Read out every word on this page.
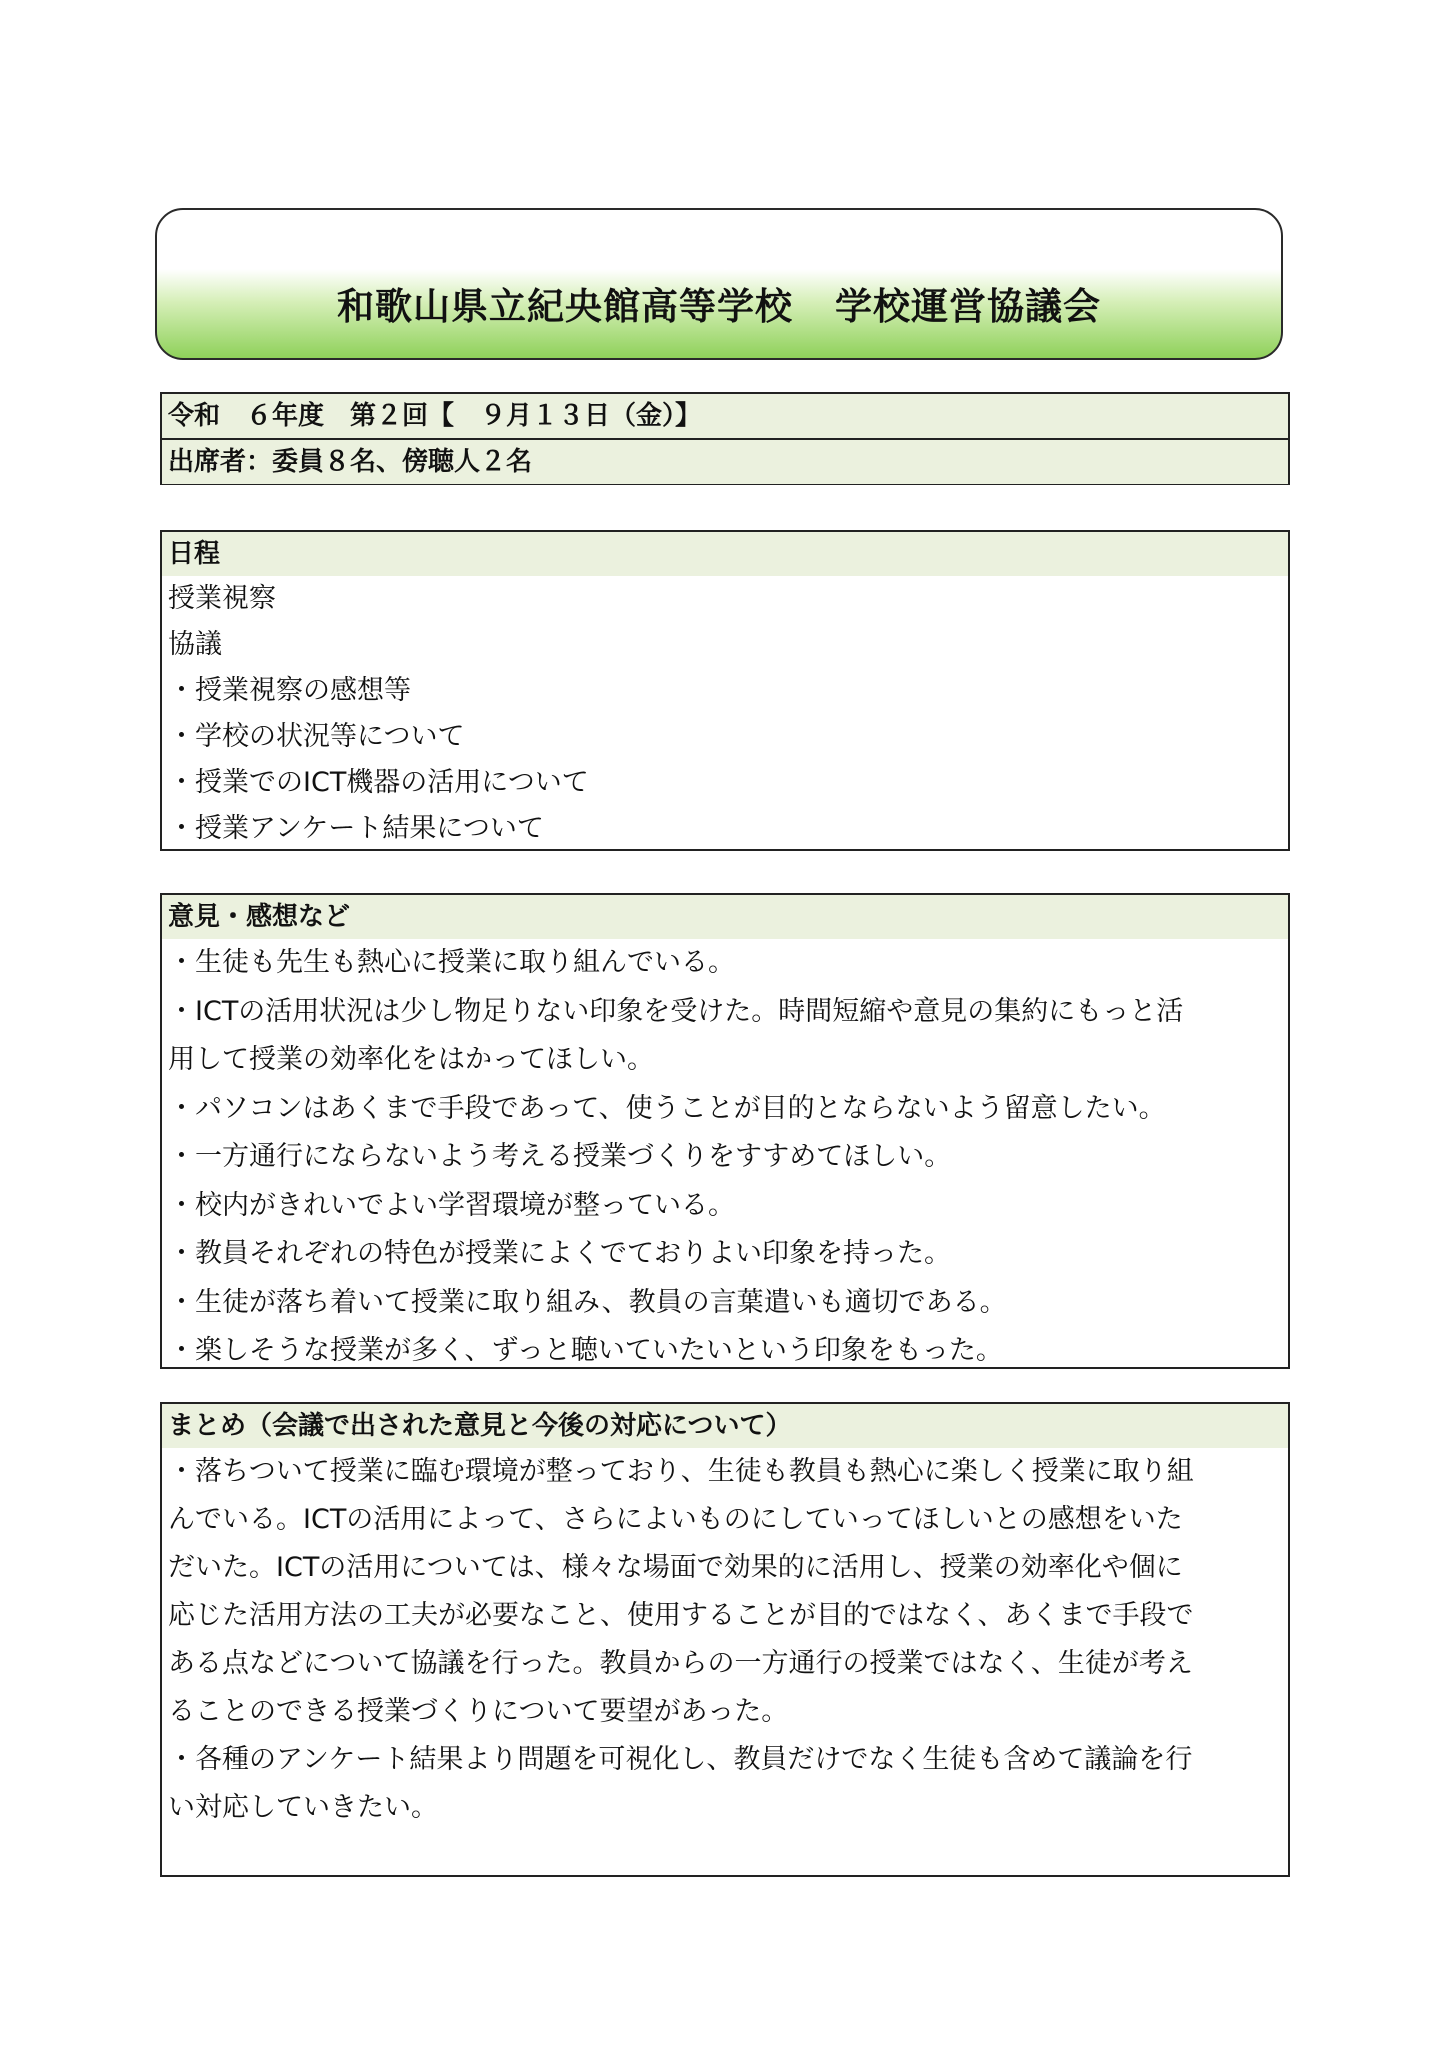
和歌山県立紀央館高等学校 学校運営協議会
令和　６年度　第２回【　９月１３日（金）】
出席者：委員８名、傍聴人２名
日程
授業視察
協議
・授業視察の感想等
・学校の状況等について
・授業でのICT機器の活用について
・授業アンケート結果について
意見・感想など
・生徒も先生も熱心に授業に取り組んでいる。
・ICTの活用状況は少し物足りない印象を受けた。時間短縮や意見の集約にもっと活
用して授業の効率化をはかってほしい。
・パソコンはあくまで手段であって、使うことが目的とならないよう留意したい。
・一方通行にならないよう考える授業づくりをすすめてほしい。
・校内がきれいでよい学習環境が整っている。
・教員それぞれの特色が授業によくでておりよい印象を持った。
・生徒が落ち着いて授業に取り組み、教員の言葉遣いも適切である。
・楽しそうな授業が多く、ずっと聴いていたいという印象をもった。
まとめ（会議で出された意見と今後の対応について）
・落ちついて授業に臨む環境が整っており、生徒も教員も熱心に楽しく授業に取り組
んでいる。ICTの活用によって、さらによいものにしていってほしいとの感想をいた
だいた。ICTの活用については、様々な場面で効果的に活用し、授業の効率化や個に
応じた活用方法の工夫が必要なこと、使用することが目的ではなく、あくまで手段で
ある点などについて協議を行った。教員からの一方通行の授業ではなく、生徒が考え
ることのできる授業づくりについて要望があった。
・各種のアンケート結果より問題を可視化し、教員だけでなく生徒も含めて議論を行
い対応していきたい。
